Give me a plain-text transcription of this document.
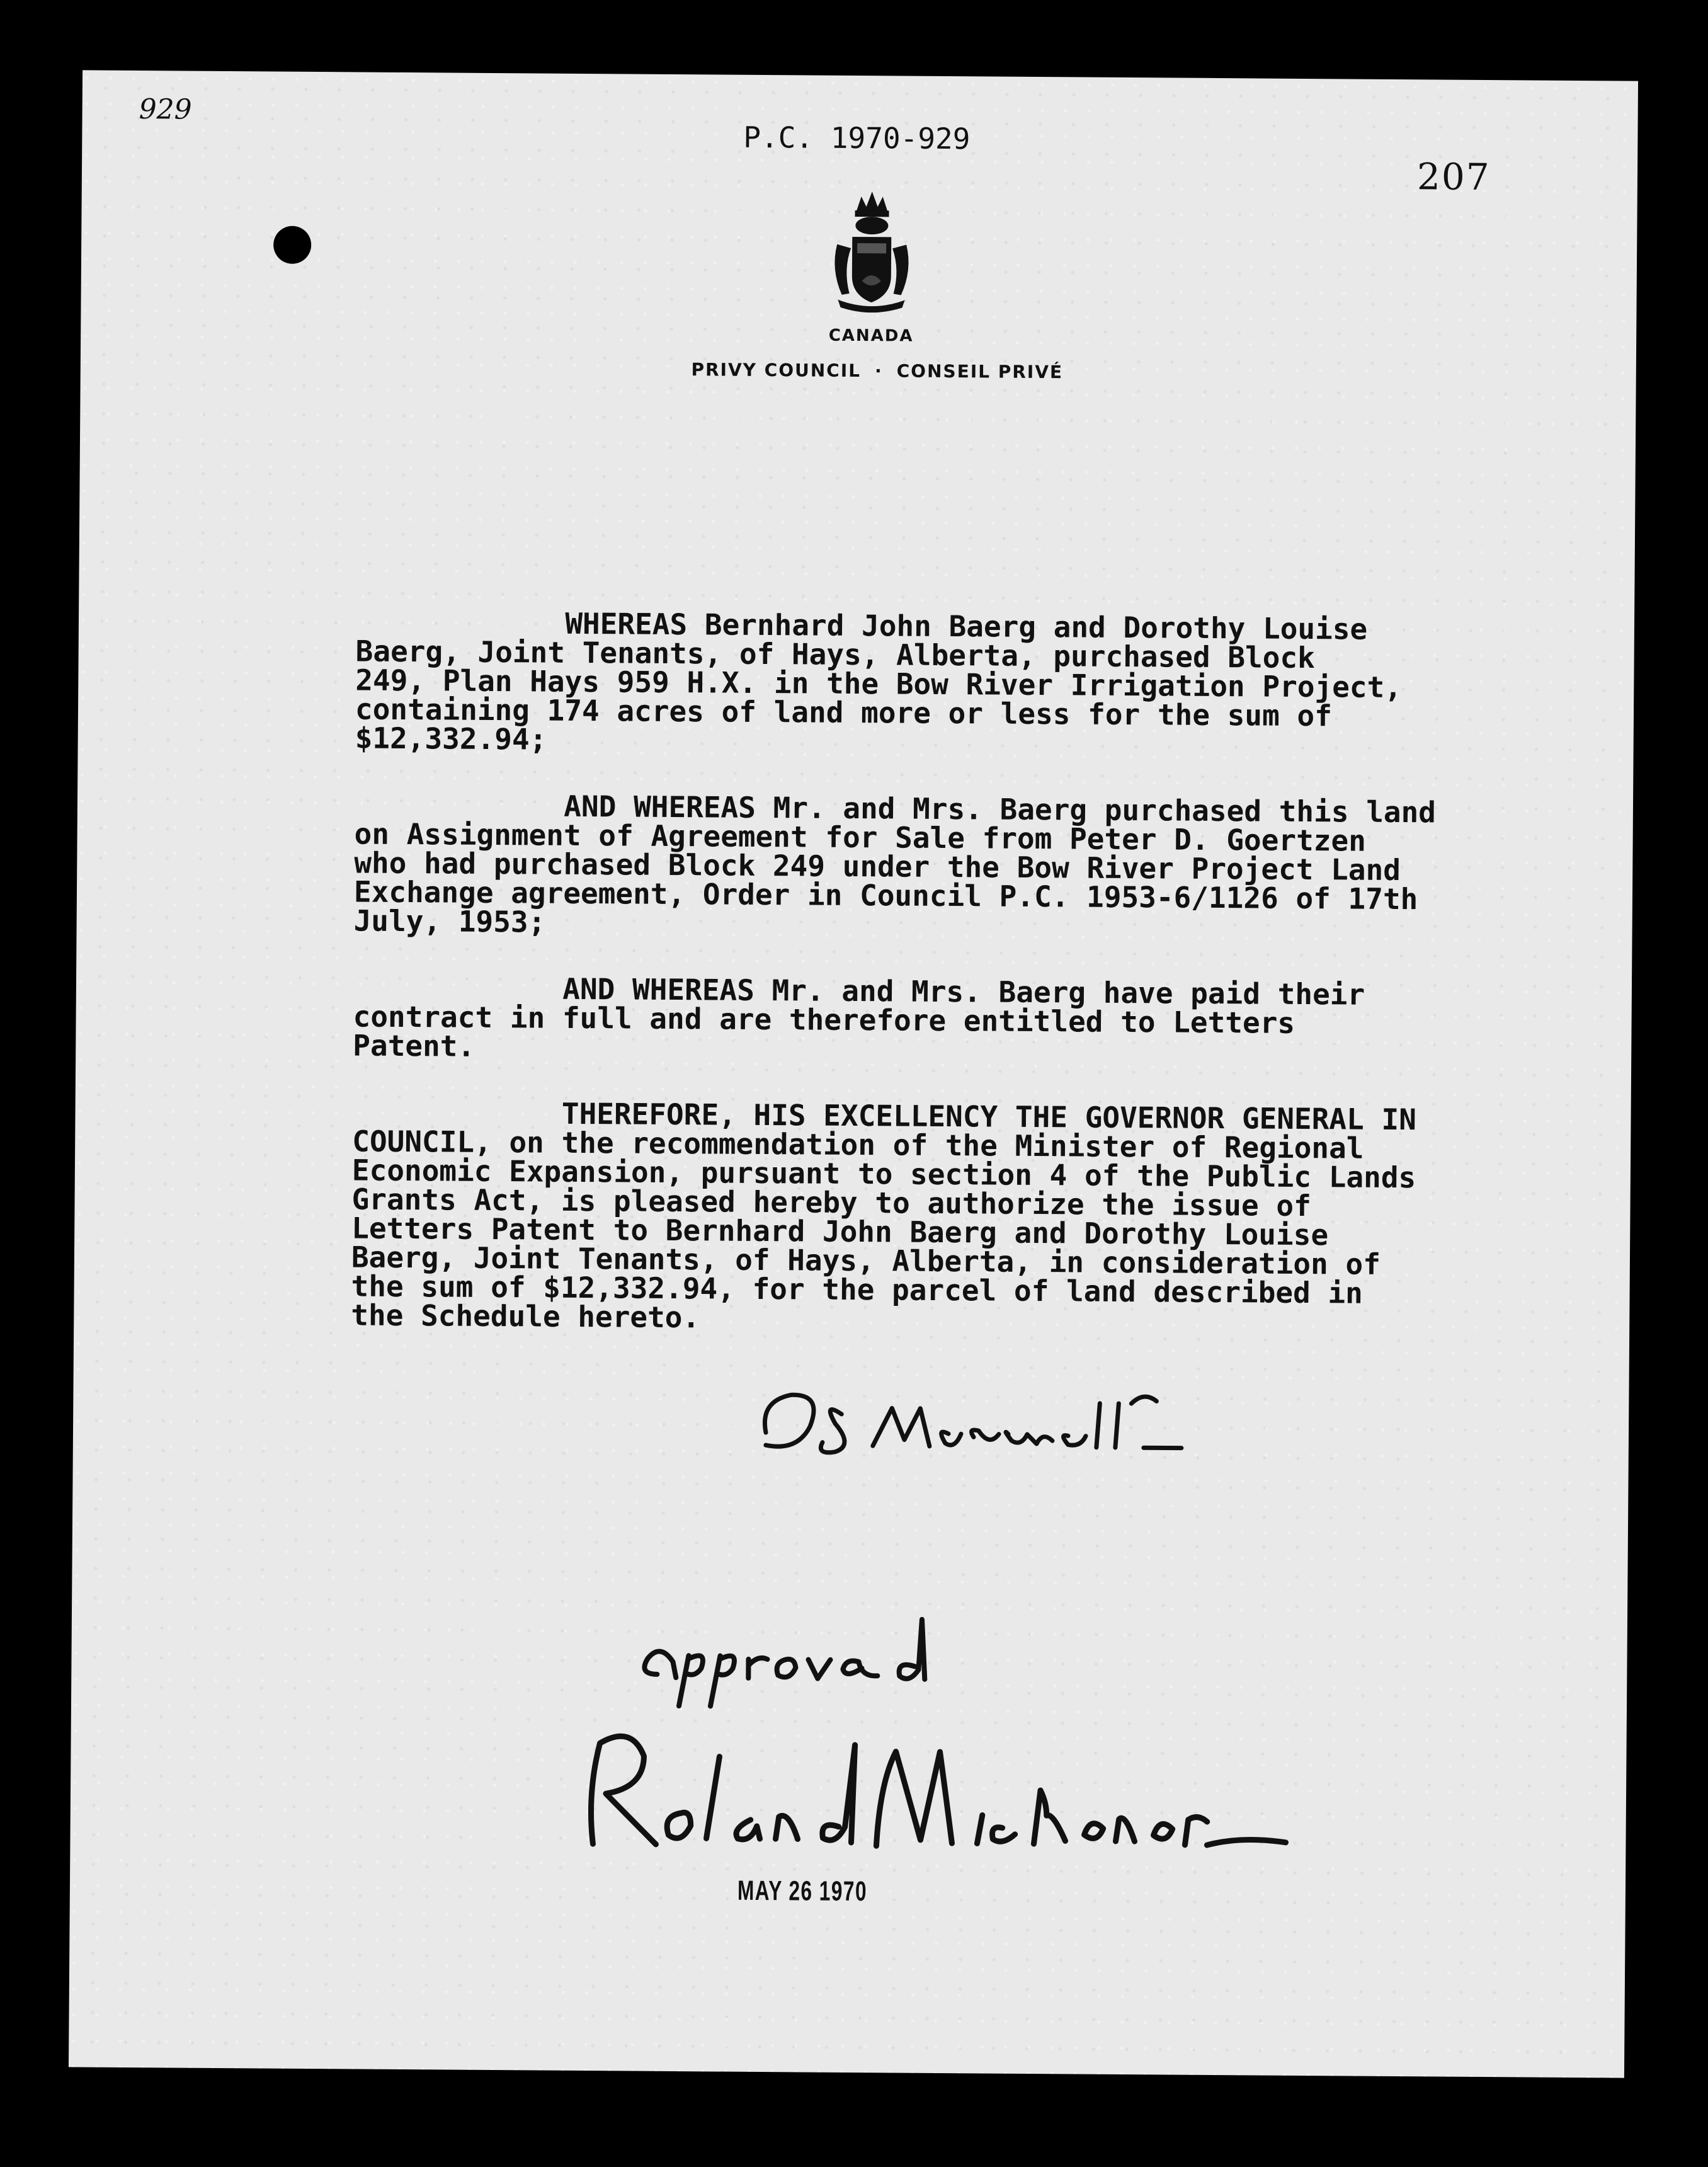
929
P.C. 1970-929
207
CANADA
PRIVY COUNCIL · CONSEIL PRIVÉ

WHEREAS Bernhard John Baerg and Dorothy Louise
Baerg, Joint Tenants, of Hays, Alberta, purchased Block
249, Plan Hays 959 H.X. in the Bow River Irrigation Project,
containing 174 acres of land more or less for the sum of
$12,332.94;

AND WHEREAS Mr. and Mrs. Baerg purchased this land
on Assignment of Agreement for Sale from Peter D. Goertzen
who had purchased Block 249 under the Bow River Project Land
Exchange agreement, Order in Council P.C. 1953-6/1126 of 17th
July, 1953;

AND WHEREAS Mr. and Mrs. Baerg have paid their
contract in full and are therefore entitled to Letters
Patent.

THEREFORE, HIS EXCELLENCY THE GOVERNOR GENERAL IN
COUNCIL, on the recommendation of the Minister of Regional
Economic Expansion, pursuant to section 4 of the Public Lands
Grants Act, is pleased hereby to authorize the issue of
Letters Patent to Bernhard John Baerg and Dorothy Louise
Baerg, Joint Tenants, of Hays, Alberta, in consideration of
the sum of $12,332.94, for the parcel of land described in
the Schedule hereto.

MAY 26 1970
